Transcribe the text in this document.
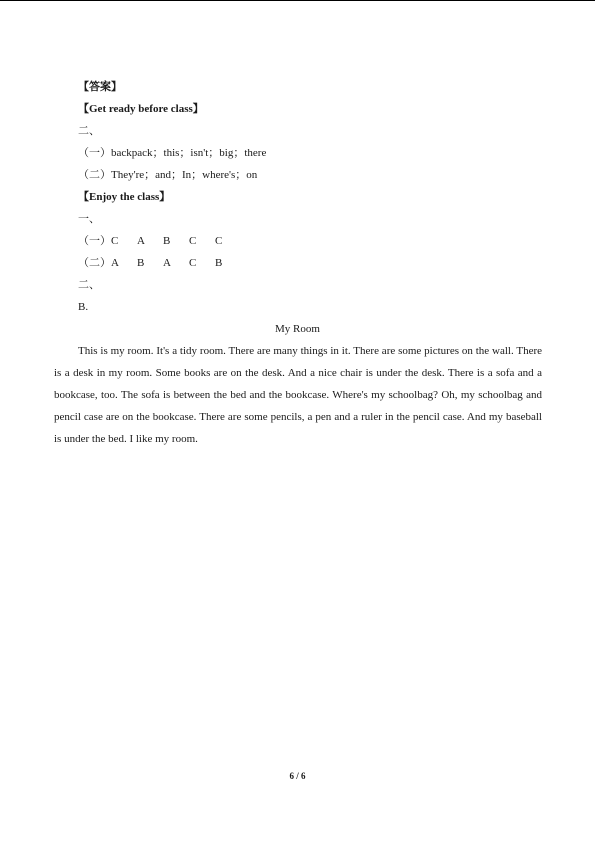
【答案】
【Get ready before class】
二、
（一）backpack；this；isn't；big；there
（二）They're；and；In；where's；on
【Enjoy the class】
一、
（一）C A B C C
（二）A B A C B
二、
B.
My Room

This is my room. It's a tidy room. There are many things in it. There are some pictures on the wall. There is a desk in my room. Some books are on the desk. And a nice chair is under the desk. There is a sofa and a bookcase, too. The sofa is between the bed and the bookcase. Where's my schoolbag? Oh, my schoolbag and pencil case are on the bookcase. There are some pencils, a pen and a ruler in the pencil case. And my baseball is under the bed. I like my room.

6 / 6
